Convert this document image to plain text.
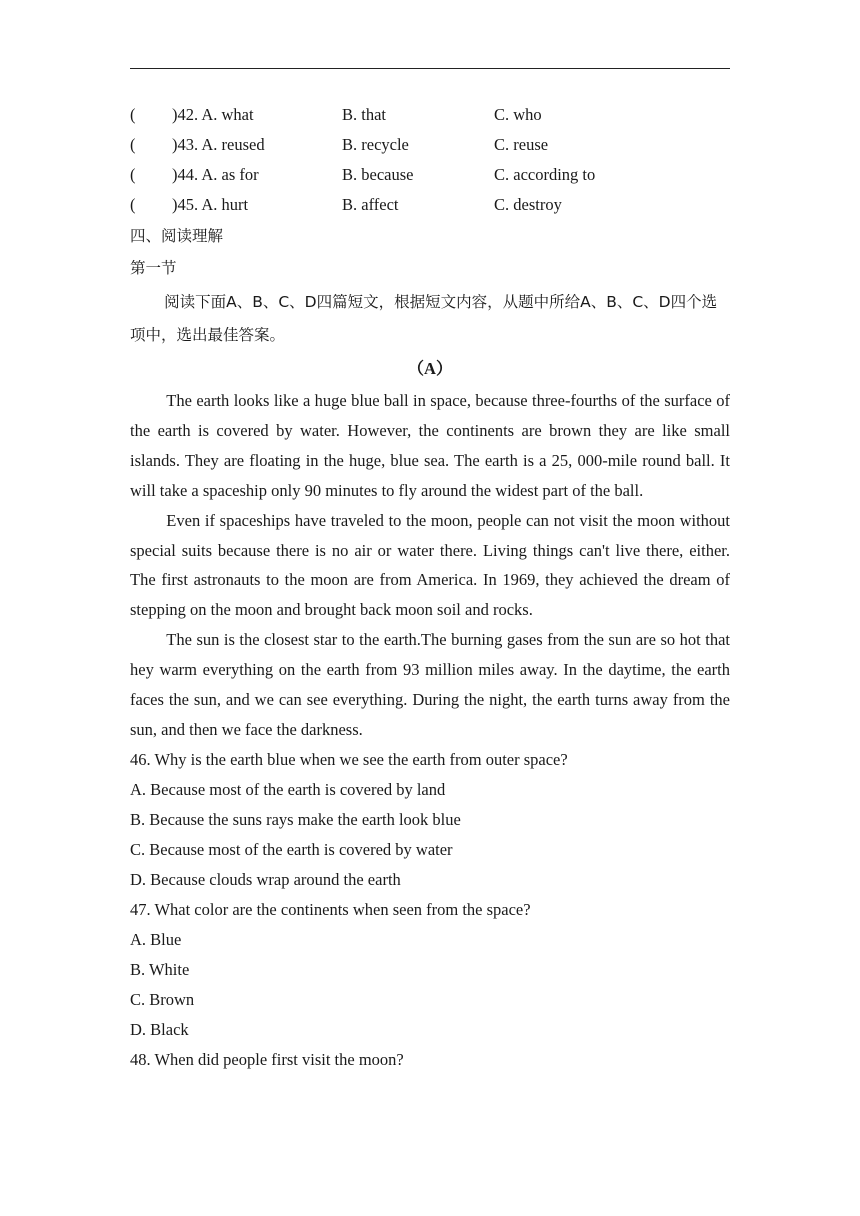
( )42. A. what	B. that	C. who
( )43. A. reused	B. recycle	C. reuse
( )44. A. as for	B. because	C. according to
( )45. A. hurt	B. affect	C. destroy
四、阅读理解
第一节

阅读下面A、B、C、D四篇短文，根据短文内容，从题中所给A、B、C、D四个选项中，选出最佳答案。

（A）

The earth looks like a huge blue ball in space, because three-fourths of the surface of the earth is covered by water. However, the continents are brown they are like small islands. They are floating in the huge, blue sea. The earth is a 25, 000-mile round ball. It will take a spaceship only 90 minutes to fly around the widest part of the ball.

Even if spaceships have traveled to the moon, people can not visit the moon without special suits because there is no air or water there. Living things can't live there, either. The first astronauts to the moon are from America. In 1969, they achieved the dream of stepping on the moon and brought back moon soil and rocks.

The sun is the closest star to the earth.The burning gases from the sun are so hot that hey warm everything on the earth from 93 million miles away. In the daytime, the earth faces the sun, and we can see everything. During the night, the earth turns away from the sun, and then we face the darkness.

46. Why is the earth blue when we see the earth from outer space?
A. Because most of the earth is covered by land
B. Because the suns rays make the earth look blue
C. Because most of the earth is covered by water
D. Because clouds wrap around the earth
47. What color are the continents when seen from the space?
A. Blue
B. White
C. Brown
D. Black
48. When did people first visit the moon?
